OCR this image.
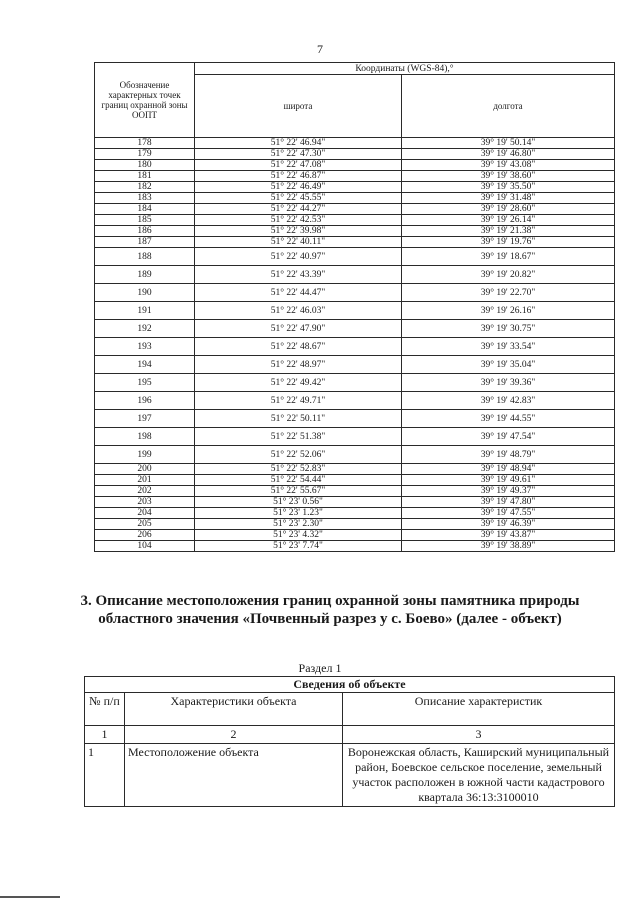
7
Обозначение характерных точек границ охранной зоны ООПТ	Координаты (WGS-84),°	
	широта	долгота
178	51° 22' 46.94"	39° 19' 50.14"
179	51° 22' 47.30"	39° 19' 46.80"
180	51° 22' 47.08"	39° 19' 43.08"
181	51° 22' 46.87"	39° 19' 38.60"
182	51° 22' 46.49"	39° 19' 35.50"
183	51° 22' 45.55"	39° 19' 31.48"
184	51° 22' 44.27"	39° 19' 28.60"
185	51° 22' 42.53"	39° 19' 26.14"
186	51° 22' 39.98"	39° 19' 21.38"
187	51° 22' 40.11"	39° 19' 19.76"
188	51° 22' 40.97"	39° 19' 18.67"
189	51° 22' 43.39"	39° 19' 20.82"
190	51° 22' 44.47"	39° 19' 22.70"
191	51° 22' 46.03"	39° 19' 26.16"
192	51° 22' 47.90"	39° 19' 30.75"
193	51° 22' 48.67"	39° 19' 33.54"
194	51° 22' 48.97"	39° 19' 35.04"
195	51° 22' 49.42"	39° 19' 39.36"
196	51° 22' 49.71"	39° 19' 42.83"
197	51° 22' 50.11"	39° 19' 44.55"
198	51° 22' 51.38"	39° 19' 47.54"
199	51° 22' 52.06"	39° 19' 48.79"
200	51° 22' 52.83"	39° 19' 48.94"
201	51° 22' 54.44"	39° 19' 49.61"
202	51° 22' 55.67"	39° 19' 49.37"
203	51° 23' 0.56"	39° 19' 47.80"
204	51° 23' 1.23"	39° 19' 47.55"
205	51° 23' 2.30"	39° 19' 46.39"
206	51° 23' 4.32"	39° 19' 43.87"
104	51° 23' 7.74"	39° 19' 38.89"
3. Описание местоположения границ охранной зоны памятника природы областного значения «Почвенный разрез у с. Боево» (далее - объект)
Раздел 1
Сведения об объекте		
№ п/п	Характеристики объекта	Описание характеристик
1	2	3
1	Местоположение объекта	Воронежская область, Каширский муниципальный район, Боевское сельское поселение, земельный участок расположен в южной части кадастрового квартала 36:13:3100010
